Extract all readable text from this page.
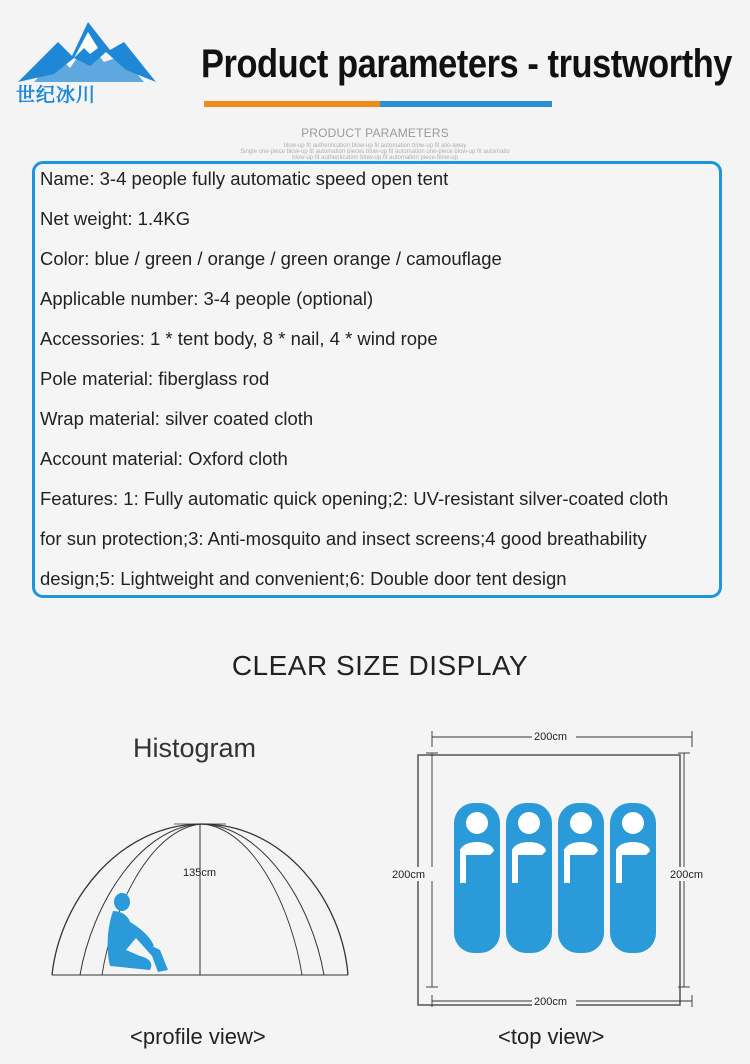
世纪冰川
Product parameters - trustworthy
PRODUCT PARAMETERS
blow-up fit authentication blow-up fit automation blow-up fit alio-away
Single one-piece blow-up fit automation pieces blow-up fit automation one-piece blow-up fit automatio
blow-up fit authentication blow-up fit automation piece-blow-up
Name: 3-4 people fully automatic speed open tent
Net weight: 1.4KG
Color: blue / green / orange / green orange / camouflage
Applicable number: 3-4 people (optional)
Accessories: 1 * tent body, 8 * nail, 4 * wind rope
Pole material: fiberglass rod
Wrap material: silver coated cloth
Account material: Oxford cloth
Features: 1: Fully automatic quick opening;2: UV-resistant silver-coated cloth
for sun protection;3: Anti-mosquito and insect screens;4 good breathability
design;5: Lightweight and convenient;6: Double door tent design
CLEAR SIZE DISPLAY
Histogram
135cm
200cm
200cm
200cm	200cm
<profile view>	<top view>
